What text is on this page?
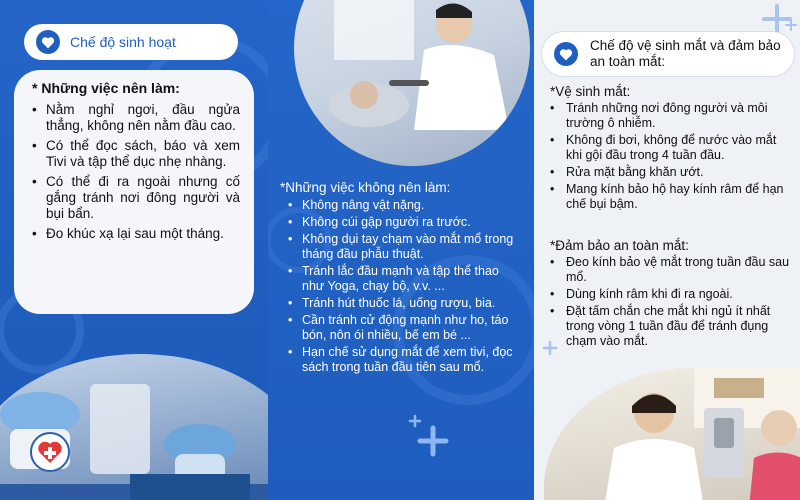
Chế độ sinh hoạt
* Những việc nên làm:
• Nằm nghỉ ngơi, đầu ngửa thẳng, không nên nằm đầu cao.
• Có thể đọc sách, báo và xem Tivi và tập thể dục nhẹ nhàng.
• Có thể đi ra ngoài nhưng cố gắng tránh nơi đông người và bụi bẩn.
• Đo khúc xạ lại sau một tháng.
*Những việc không nên làm:
• Không nâng vật nặng.
• Không cúi gập người ra trước.
• Không dụi tay chạm vào mắt mổ trong tháng đầu phẫu thuật.
• Tránh lắc đầu mạnh và tập thể thao như Yoga, chạy bộ, v.v. ...
• Tránh hút thuốc lá, uống rượu, bia.
• Cần tránh cử động mạnh như ho, táo bón, nôn ói nhiều, bế em bé ...
• Hạn chế sử dụng mắt để xem tivi, đọc sách trong tuần đầu tiên sau mổ.
Chế độ vệ sinh mắt và đảm bảo an toàn mắt:
*Vệ sinh mắt:
• Tránh những nơi đông người và môi trường ô nhiễm.
• Không đi bơi, không để nước vào mắt khi gội đầu trong 4 tuần đầu.
• Rửa mặt bằng khăn ướt.
• Mang kính bảo hộ hay kính râm để hạn chế bụi bậm.
*Đảm bảo an toàn mắt:
• Đeo kính bảo vệ mắt trong tuần đầu sau mổ.
• Dùng kính râm khi đi ra ngoài.
• Đặt tấm chắn che mắt khi ngủ ít nhất trong vòng 1 tuần đầu để tránh đụng chạm vào mắt.
